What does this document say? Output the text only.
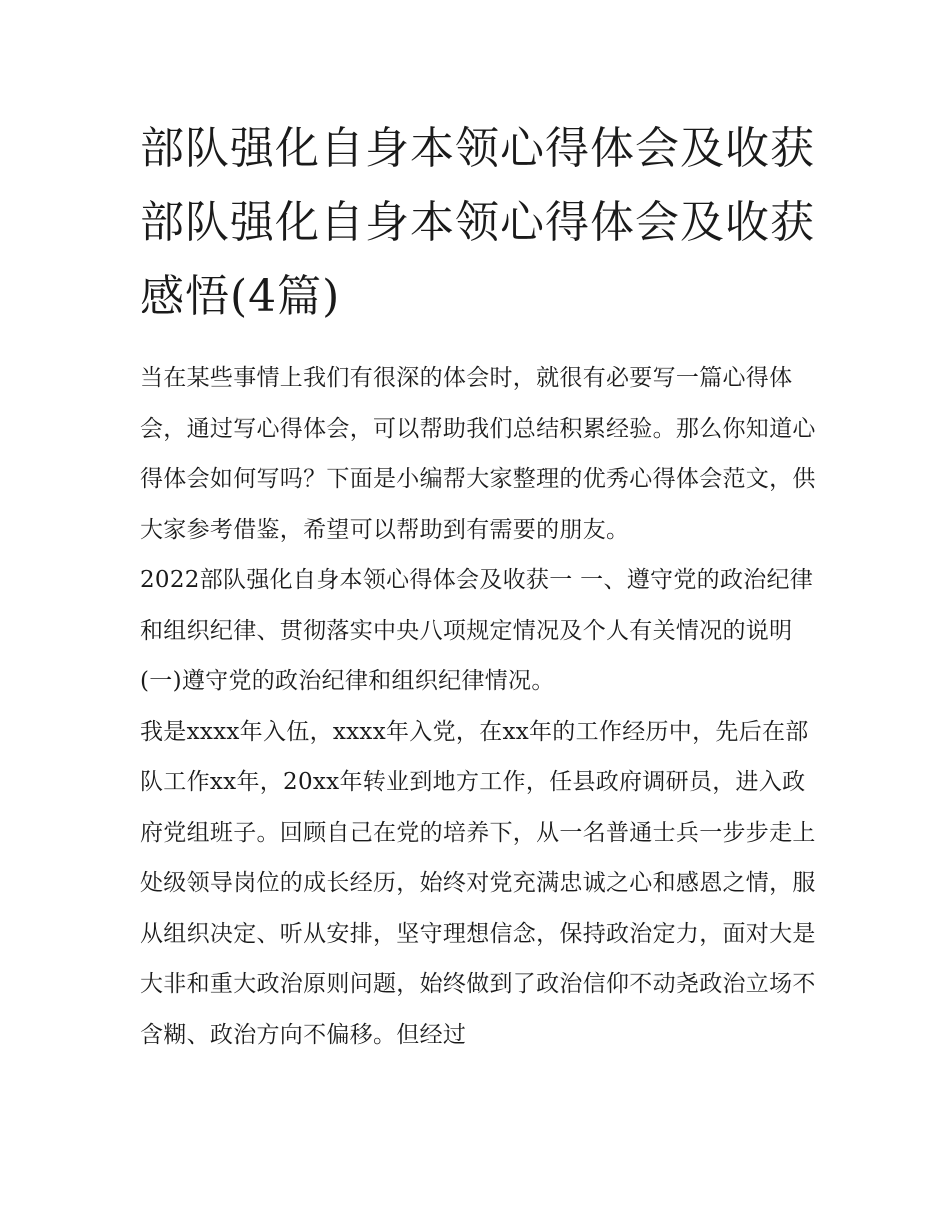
部队强化自身本领心得体会及收获 部队强化自身本领心得体会及收获感悟(4篇)

当在某些事情上我们有很深的体会时，就很有必要写一篇心得体会，通过写心得体会，可以帮助我们总结积累经验。那么你知道心得体会如何写吗？下面是小编帮大家整理的优秀心得体会范文，供大家参考借鉴，希望可以帮助到有需要的朋友。

2022部队强化自身本领心得体会及收获一 一、遵守党的政治纪律和组织纪律、贯彻落实中央八项规定情况及个人有关情况的说明

(一)遵守党的政治纪律和组织纪律情况。

我是xxxx年入伍，xxxx年入党，在xx年的工作经历中，先后在部队工作xx年，20xx年转业到地方工作，任县政府调研员，进入政府党组班子。回顾自己在党的培养下，从一名普通士兵一步步走上处级领导岗位的成长经历，始终对党充满忠诚之心和感恩之情，服从组织决定、听从安排，坚守理想信念，保持政治定力，面对大是大非和重大政治原则问题，始终做到了政治信仰不动尧政治立场不含糊、政治方向不偏移。但经过
